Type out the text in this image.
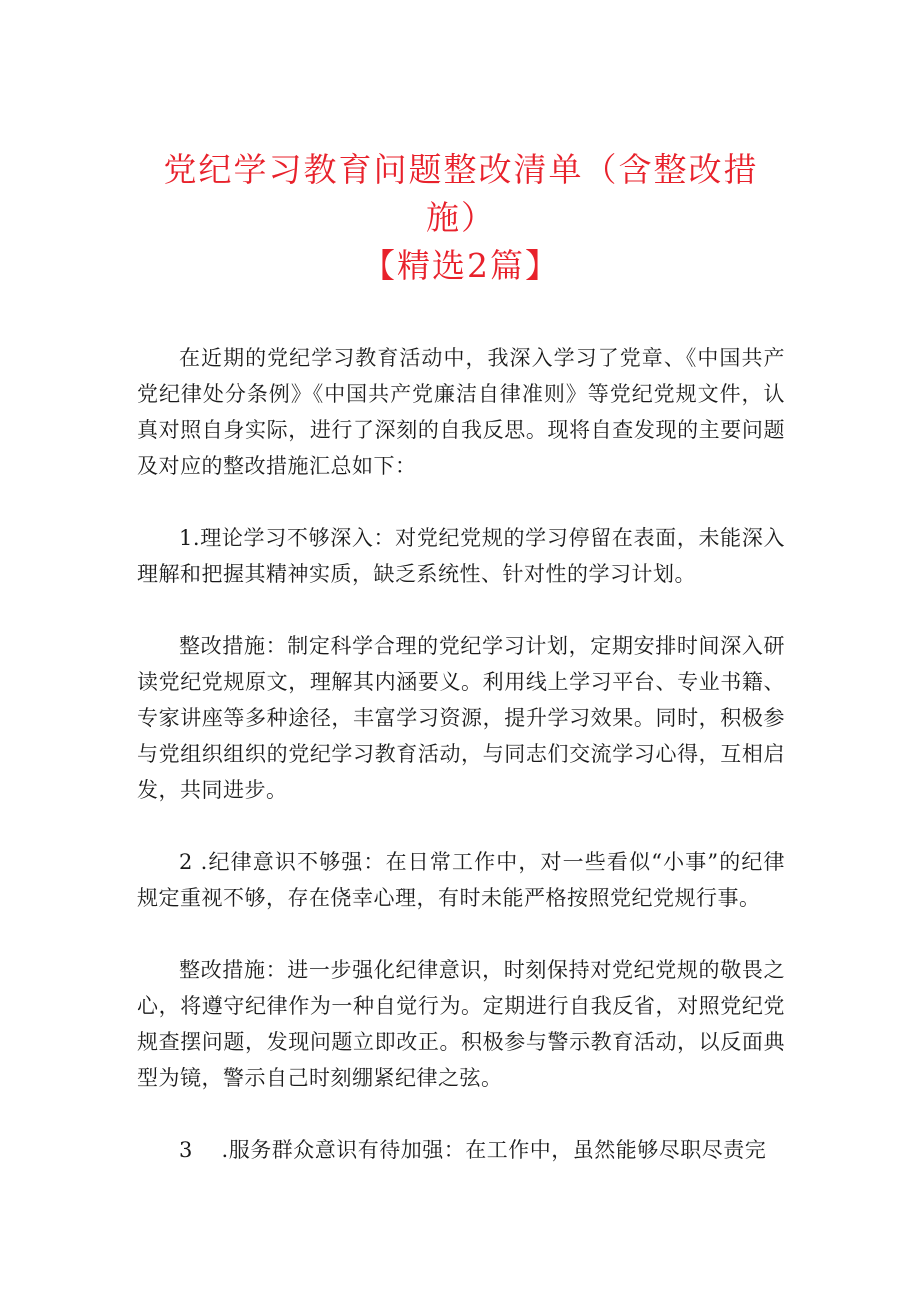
党纪学习教育问题整改清单（含整改措施）
【精选2篇】

在近期的党纪学习教育活动中，我深入学习了党章、《中国共产党纪律处分条例》《中国共产党廉洁自律准则》等党纪党规文件，认真对照自身实际，进行了深刻的自我反思。现将自查发现的主要问题及对应的整改措施汇总如下：

1.理论学习不够深入：对党纪党规的学习停留在表面，未能深入理解和把握其精神实质，缺乏系统性、针对性的学习计划。

整改措施：制定科学合理的党纪学习计划，定期安排时间深入研读党纪党规原文，理解其内涵要义。利用线上学习平台、专业书籍、专家讲座等多种途径，丰富学习资源，提升学习效果。同时，积极参与党组织组织的党纪学习教育活动，与同志们交流学习心得，互相启发，共同进步。

2 .纪律意识不够强：在日常工作中，对一些看似“小事”的纪律规定重视不够，存在侥幸心理，有时未能严格按照党纪党规行事。

整改措施：进一步强化纪律意识，时刻保持对党纪党规的敬畏之心，将遵守纪律作为一种自觉行为。定期进行自我反省，对照党纪党规查摆问题，发现问题立即改正。积极参与警示教育活动，以反面典型为镜，警示自己时刻绷紧纪律之弦。

3　 .服务群众意识有待加强：在工作中，虽然能够尽职尽责完
